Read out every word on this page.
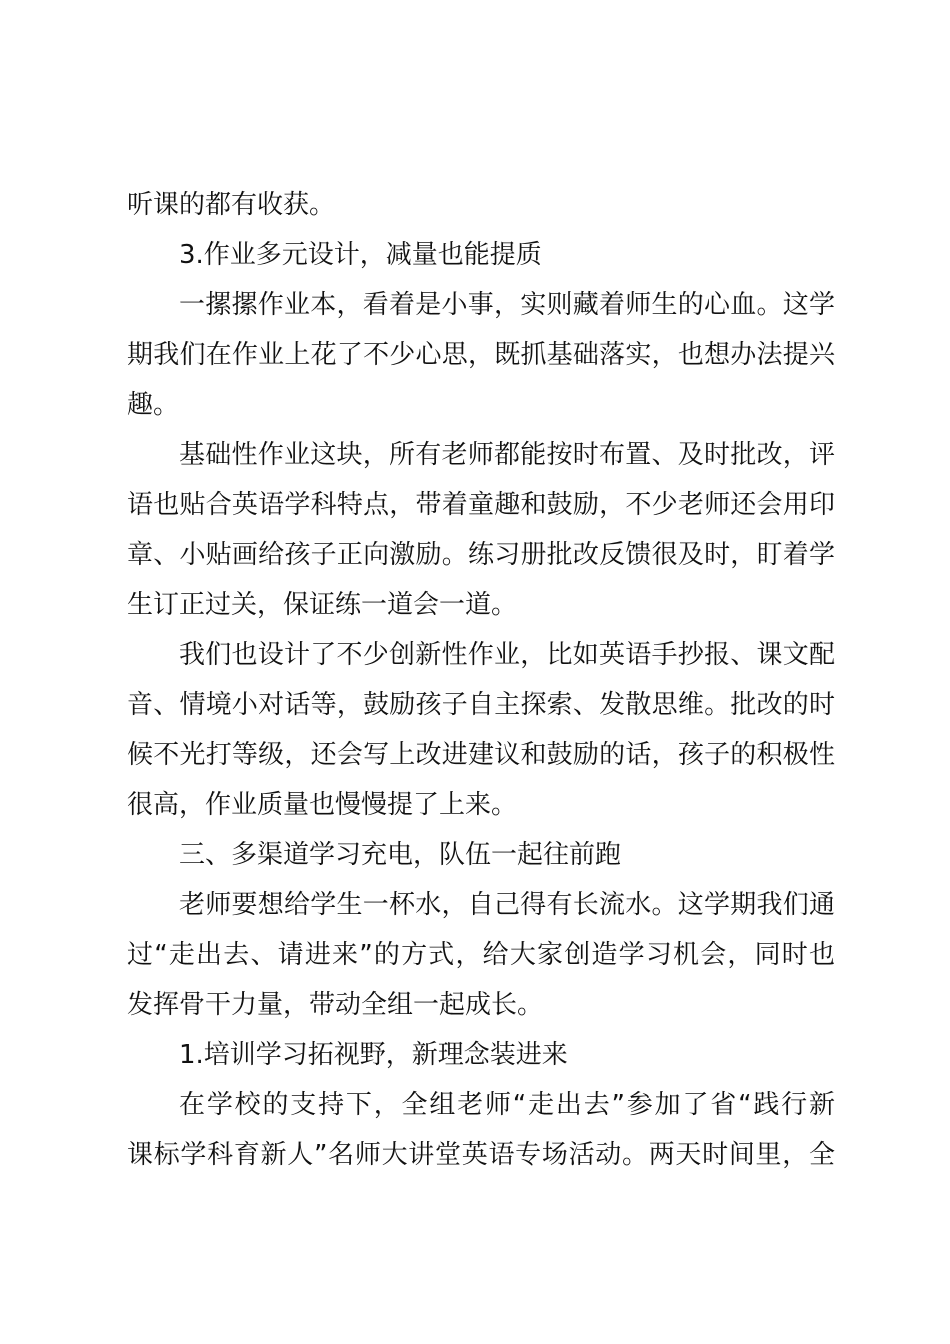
听课的都有收获。
3.作业多元设计，减量也能提质
一摞摞作业本，看着是小事，实则藏着师生的心血。这学
期我们在作业上花了不少心思，既抓基础落实，也想办法提兴
趣。
基础性作业这块，所有老师都能按时布置、及时批改，评
语也贴合英语学科特点，带着童趣和鼓励，不少老师还会用印
章、小贴画给孩子正向激励。练习册批改反馈很及时，盯着学
生订正过关，保证练一道会一道。
我们也设计了不少创新性作业，比如英语手抄报、课文配
音、情境小对话等，鼓励孩子自主探索、发散思维。批改的时
候不光打等级，还会写上改进建议和鼓励的话，孩子的积极性
很高，作业质量也慢慢提了上来。
三、多渠道学习充电，队伍一起往前跑
老师要想给学生一杯水，自己得有长流水。这学期我们通
过“走出去、请进来”的方式，给大家创造学习机会，同时也
发挥骨干力量，带动全组一起成长。
1.培训学习拓视野，新理念装进来
在学校的支持下，全组老师“走出去”参加了省“践行新
课标学科育新人”名师大讲堂英语专场活动。两天时间里，全
